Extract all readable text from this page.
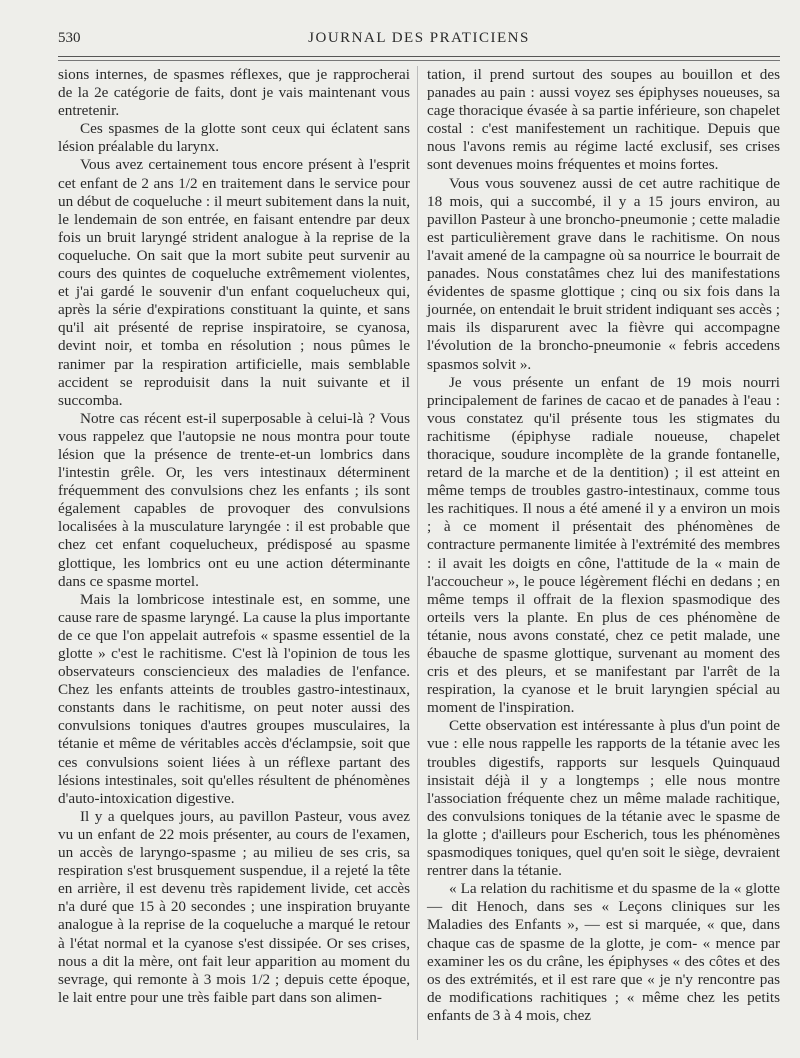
530	JOURNAL DES PRATICIENS

sions internes, de spasmes réflexes, que je rapprocherai de la 2e catégorie de faits, dont je vais maintenant vous entretenir.

Ces spasmes de la glotte sont ceux qui éclatent sans lésion préalable du larynx.

Vous avez certainement tous encore présent à l'esprit cet enfant de 2 ans 1/2 en traitement dans le service pour un début de coqueluche : il meurt subitement dans la nuit, le lendemain de son entrée, en faisant entendre par deux fois un bruit laryngé strident analogue à la reprise de la coqueluche. On sait que la mort subite peut survenir au cours des quintes de coqueluche extrêmement violentes, et j'ai gardé le souvenir d'un enfant coquelucheux qui, après la série d'expirations constituant la quinte, et sans qu'il ait présenté de reprise inspiratoire, se cyanosa, devint noir, et tomba en résolution ; nous pûmes le ranimer par la respiration artificielle, mais semblable accident se reproduisit dans la nuit suivante et il succomba.

Notre cas récent est-il superposable à celui-là ? Vous vous rappelez que l'autopsie ne nous montra pour toute lésion que la présence de trente-et-un lombrics dans l'intestin grêle. Or, les vers intestinaux déterminent fréquemment des convulsions chez les enfants ; ils sont également capables de provoquer des convulsions localisées à la musculature laryngée : il est probable que chez cet enfant coquelucheux, prédisposé au spasme glottique, les lombrics ont eu une action déterminante dans ce spasme mortel.

Mais la lombricose intestinale est, en somme, une cause rare de spasme laryngé. La cause la plus importante de ce que l'on appelait autrefois « spasme essentiel de la glotte » c'est le rachitisme. C'est là l'opinion de tous les observateurs consciencieux des maladies de l'enfance. Chez les enfants atteints de troubles gastro-intestinaux, constants dans le rachitisme, on peut noter aussi des convulsions toniques d'autres groupes musculaires, la tétanie et même de véritables accès d'éclampsie, soit que ces convulsions soient liées à un réflexe partant des lésions intestinales, soit qu'elles résultent de phénomènes d'auto-intoxication digestive.

Il y a quelques jours, au pavillon Pasteur, vous avez vu un enfant de 22 mois présenter, au cours de l'examen, un accès de laryngo-spasme ; au milieu de ses cris, sa respiration s'est brusquement suspendue, il a rejeté la tête en arrière, il est devenu très rapidement livide, cet accès n'a duré que 15 à 20 secondes ; une inspiration bruyante analogue à la reprise de la coqueluche a marqué le retour à l'état normal et la cyanose s'est dissipée. Or ses crises, nous a dit la mère, ont fait leur apparition au moment du sevrage, qui remonte à 3 mois 1/2 ; depuis cette époque, le lait entre pour une très faible part dans son alimen-

tation, il prend surtout des soupes au bouillon et des panades au pain : aussi voyez ses épiphyses noueuses, sa cage thoracique évasée à sa partie inférieure, son chapelet costal : c'est manifestement un rachitique. Depuis que nous l'avons remis au régime lacté exclusif, ses crises sont devenues moins fréquentes et moins fortes.

Vous vous souvenez aussi de cet autre rachitique de 18 mois, qui a succombé, il y a 15 jours environ, au pavillon Pasteur à une broncho-pneumonie ; cette maladie est particulièrement grave dans le rachitisme. On nous l'avait amené de la campagne où sa nourrice le bourrait de panades. Nous constatâmes chez lui des manifestations évidentes de spasme glottique ; cinq ou six fois dans la journée, on entendait le bruit strident indiquant ses accès ; mais ils disparurent avec la fièvre qui accompagne l'évolution de la broncho-pneumonie « febris accedens spasmos solvit ».

Je vous présente un enfant de 19 mois nourri principalement de farines de cacao et de panades à l'eau : vous constatez qu'il présente tous les stigmates du rachitisme (épiphyse radiale noueuse, chapelet thoracique, soudure incomplète de la grande fontanelle, retard de la marche et de la dentition) ; il est atteint en même temps de troubles gastro-intestinaux, comme tous les rachitiques. Il nous a été amené il y a environ un mois ; à ce moment il présentait des phénomènes de contracture permanente limitée à l'extrémité des membres : il avait les doigts en cône, l'attitude de la « main de l'accoucheur », le pouce légèrement fléchi en dedans ; en même temps il offrait de la flexion spasmodique des orteils vers la plante. En plus de ces phénomène de tétanie, nous avons constaté, chez ce petit malade, une ébauche de spasme glottique, survenant au moment des cris et des pleurs, et se manifestant par l'arrêt de la respiration, la cyanose et le bruit laryngien spécial au moment de l'inspiration.

Cette observation est intéressante à plus d'un point de vue : elle nous rappelle les rapports de la tétanie avec les troubles digestifs, rapports sur lesquels Quinquaud insistait déjà il y a longtemps ; elle nous montre l'association fréquente chez un même malade rachitique, des convulsions toniques de la tétanie avec le spasme de la glotte ; d'ailleurs pour Escherich, tous les phénomènes spasmodiques toniques, quel qu'en soit le siège, devraient rentrer dans la tétanie.

« La relation du rachitisme et du spasme de la « glotte — dit Henoch, dans ses « Leçons cliniques sur les Maladies des Enfants », — est si marquée, « que, dans chaque cas de spasme de la glotte, je com- « mence par examiner les os du crâne, les épiphyses « des côtes et des os des extrémités, et il est rare que « je n'y rencontre pas de modifications rachitiques ; « même chez les petits enfants de 3 à 4 mois, chez
